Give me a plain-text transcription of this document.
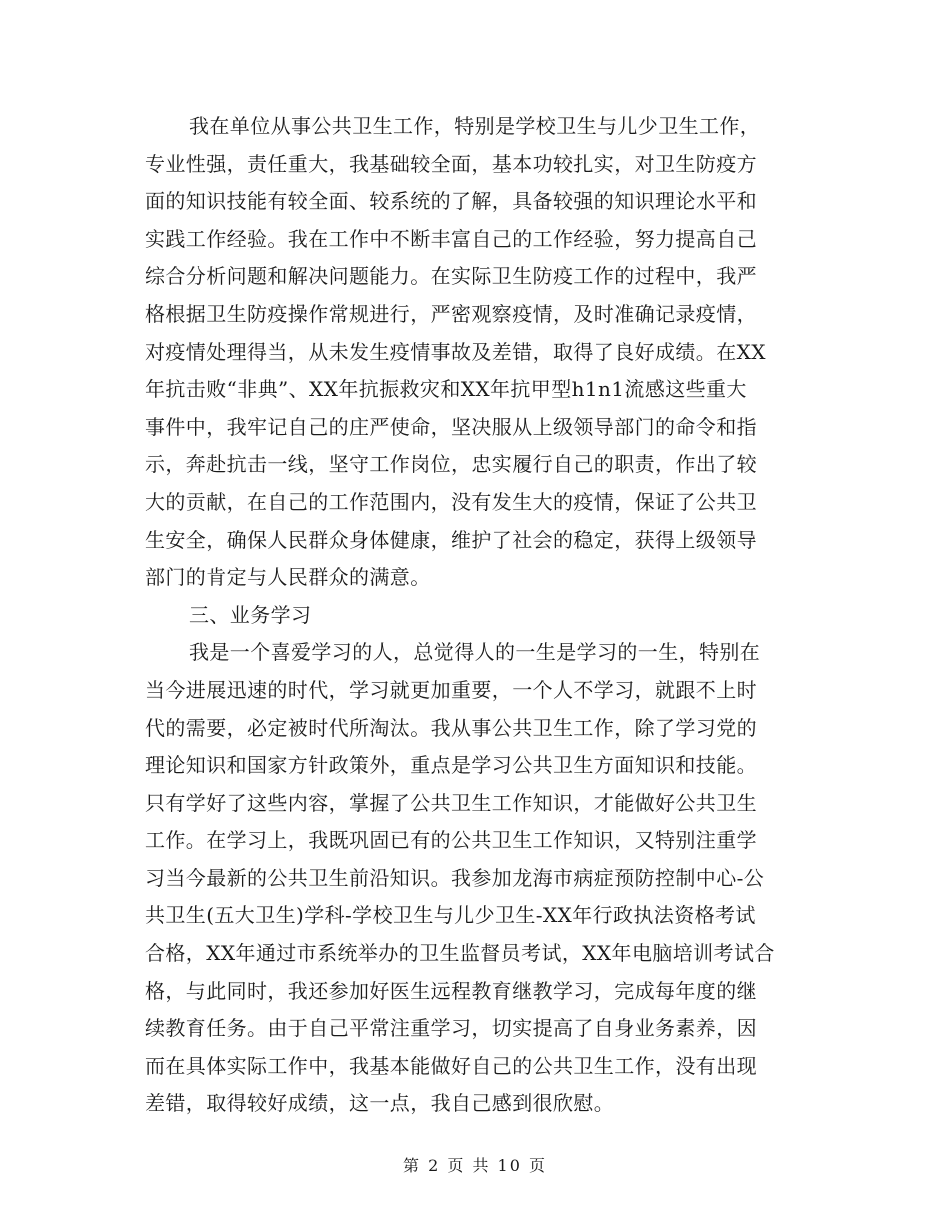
我在单位从事公共卫生工作，特别是学校卫生与儿少卫生工作，
专业性强，责任重大，我基础较全面，基本功较扎实，对卫生防疫方
面的知识技能有较全面、较系统的了解，具备较强的知识理论水平和
实践工作经验。我在工作中不断丰富自己的工作经验，努力提高自己
综合分析问题和解决问题能力。在实际卫生防疫工作的过程中，我严
格根据卫生防疫操作常规进行，严密观察疫情，及时准确记录疫情，
对疫情处理得当，从未发生疫情事故及差错，取得了良好成绩。在XX
年抗击败“非典”、XX年抗振救灾和XX年抗甲型h1n1流感这些重大
事件中，我牢记自己的庄严使命，坚决服从上级领导部门的命令和指
示，奔赴抗击一线，坚守工作岗位，忠实履行自己的职责，作出了较
大的贡献，在自己的工作范围内，没有发生大的疫情，保证了公共卫
生安全，确保人民群众身体健康，维护了社会的稳定，获得上级领导
部门的肯定与人民群众的满意。
三、业务学习
我是一个喜爱学习的人，总觉得人的一生是学习的一生，特别在
当今进展迅速的时代，学习就更加重要，一个人不学习，就跟不上时
代的需要，必定被时代所淘汰。我从事公共卫生工作，除了学习党的
理论知识和国家方针政策外，重点是学习公共卫生方面知识和技能。
只有学好了这些内容，掌握了公共卫生工作知识，才能做好公共卫生
工作。在学习上，我既巩固已有的公共卫生工作知识，又特别注重学
习当今最新的公共卫生前沿知识。我参加龙海市病症预防控制中心-公
共卫生(五大卫生)学科-学校卫生与儿少卫生-XX年行政执法资格考试
合格，XX年通过市系统举办的卫生监督员考试，XX年电脑培训考试合
格，与此同时，我还参加好医生远程教育继教学习，完成每年度的继
续教育任务。由于自己平常注重学习，切实提高了自身业务素养，因
而在具体实际工作中，我基本能做好自己的公共卫生工作，没有出现
差错，取得较好成绩，这一点，我自己感到很欣慰。
第 2 页 共 10 页
